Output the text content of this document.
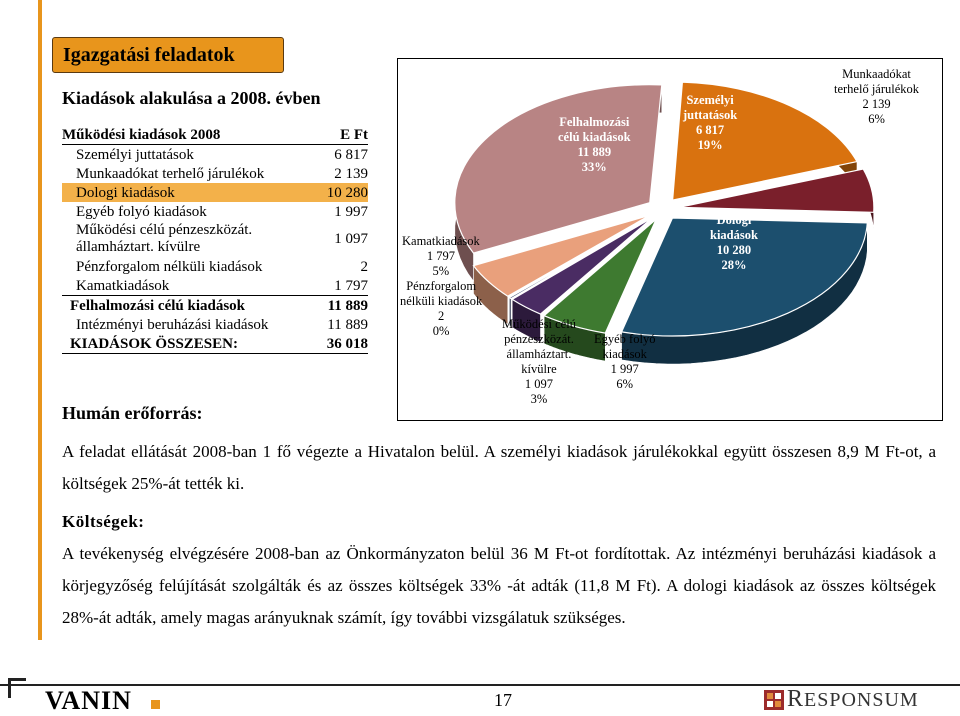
Igazgatási feladatok
Kiadások alakulása a 2008. évben
Működési kiadások 2008	E Ft
Személyi juttatások	6 817
Munkaadókat terhelő járulékok	2 139
Dologi kiadások	10 280
Egyéb folyó kiadások	1 997
Működési célú pénzeszközát. államháztart. kívülre	1 097
Pénzforgalom nélküli kiadások	2
Kamatkiadások	1 797
Felhalmozási célú kiadások	11 889
Intézményi beruházási kiadások	11 889
KIADÁSOK ÖSSZESEN:	36 018
Személyi
juttatások
6 817
19%
Munkaadókat
terhelő járulékok
2 139
6%
Dologi
kiadások
10 280
28%
Egyéb folyó
kiadások
1 997
6%
Működési célú
pénzeszközát.
államháztart.
kívülre
1 097
3%
Pénzforgalom
nélküli kiadások
2
0%
Kamatkiadások
1 797
5%
Felhalmozási
célú kiadások
11 889
33%
Humán erőforrás:
A feladat ellátását 2008-ban 1 fő végezte a Hivatalon belül. A személyi kiadások járulékokkal együtt összesen 8,9 M Ft-ot, a költségek 25%-át tették ki.
Költségek:
A tevékenység elvégzésére 2008-ban az Önkormányzaton belül 36 M Ft-ot fordítottak. Az intézményi beruházási kiadások a körjegyzőség felújítását szolgálták és az összes költségek 33% -át adták (11,8 M Ft). A dologi kiadások az összes költségek 28%-át adták, amely magas arányuknak számít, így további vizsgálatuk szükséges.
VANIN	17	RESPONSUM
